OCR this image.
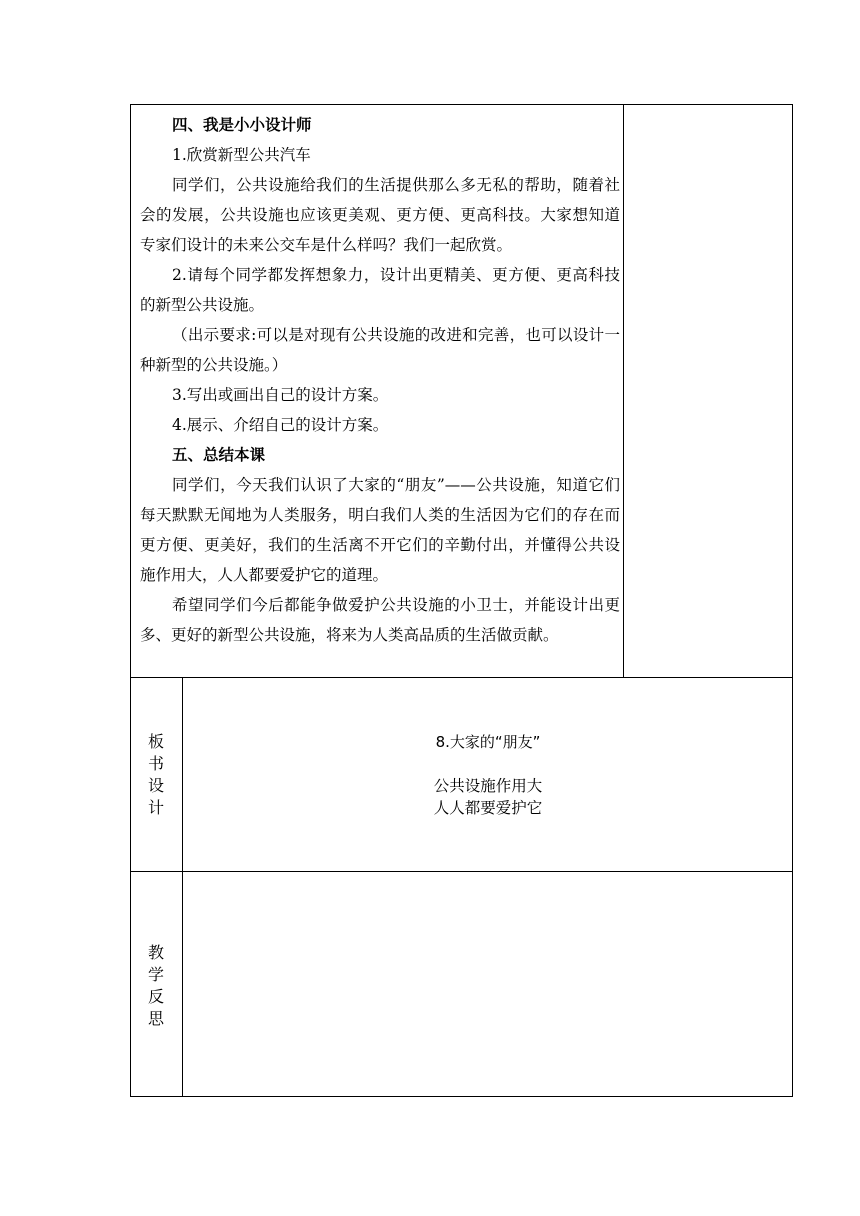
四、我是小小设计师

1.欣赏新型公共汽车

同学们，公共设施给我们的生活提供那么多无私的帮助，随着社会的发展，公共设施也应该更美观、更方便、更高科技。大家想知道专家们设计的未来公交车是什么样吗？我们一起欣赏。

2.请每个同学都发挥想象力，设计出更精美、更方便、更高科技的新型公共设施。

（出示要求:可以是对现有公共设施的改进和完善，也可以设计一种新型的公共设施。）

3.写出或画出自己的设计方案。

4.展示、介绍自己的设计方案。

五、总结本课

同学们，今天我们认识了大家的“朋友”——公共设施，知道它们每天默默无闻地为人类服务，明白我们人类的生活因为它们的存在而更方便、更美好，我们的生活离不开它们的辛勤付出，并懂得公共设施作用大，人人都要爱护它的道理。

希望同学们今后都能争做爱护公共设施的小卫士，并能设计出更多、更好的新型公共设施，将来为人类高品质的生活做贡献。

板
书
设
计
8.大家的“朋友”
公共设施作用大
人人都要爱护它
教
学
反
思
